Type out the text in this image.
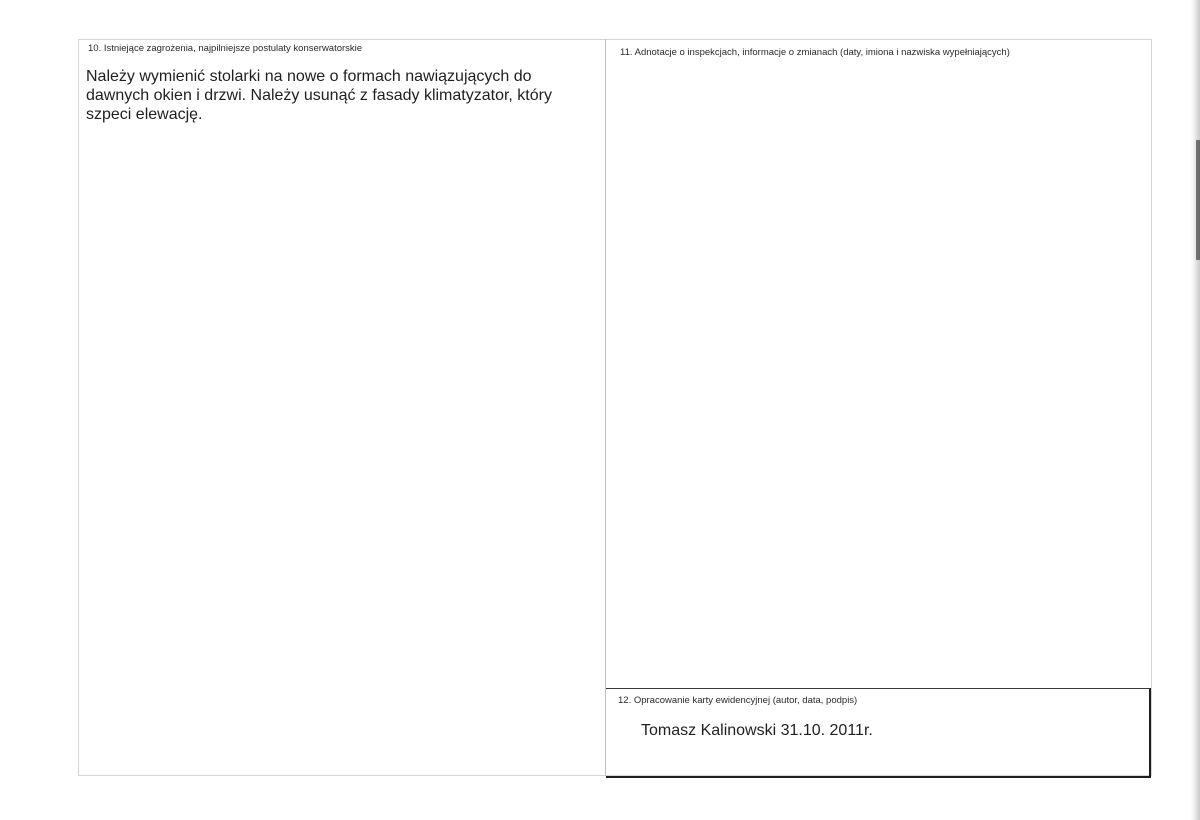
10. Istniejące zagrożenia, najpilniejsze postulaty konserwatorskie
Należy wymienić stolarki na nowe o formach nawiązujących do dawnych okien i drzwi. Należy usunąć z fasady klimatyzator, który szpeci elewację.
11. Adnotacje o inspekcjach, informacje o zmianach (daty, imiona i nazwiska wypełniających)
12. Opracowanie karty ewidencyjnej (autor, data, podpis)
Tomasz Kalinowski 31.10. 2011r.
